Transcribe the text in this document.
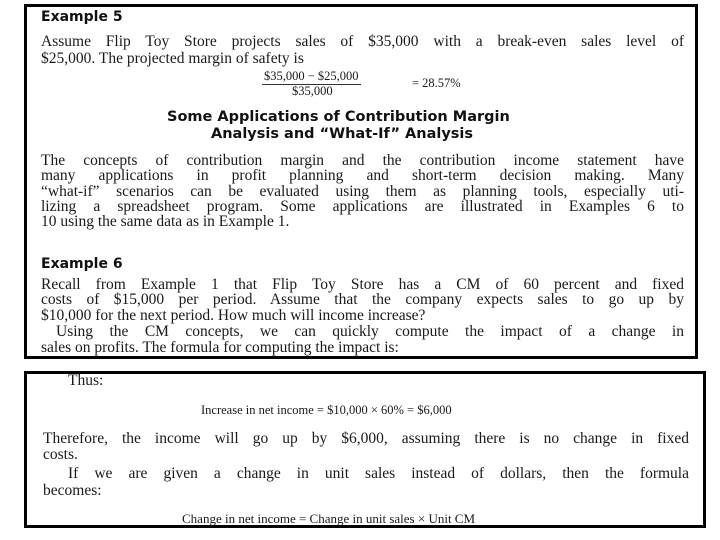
Example 5
Assume Flip Toy Store projects sales of $35,000 with a break-even sales level of
$25,000. The projected margin of safety is
$35,000 − $25,000
$35,000
= 28.57%
Some Applications of Contribution Margin
Analysis and “What-If” Analysis
The concepts of contribution margin and the contribution income statement have
many applications in profit planning and short-term decision making. Many
“what-if” scenarios can be evaluated using them as planning tools, especially uti-
lizing a spreadsheet program. Some applications are illustrated in Examples 6 to
10 using the same data as in Example 1.
Example 6
Recall from Example 1 that Flip Toy Store has a CM of 60 percent and fixed
costs of $15,000 per period. Assume that the company expects sales to go up by
$10,000 for the next period. How much will income increase?
Using the CM concepts, we can quickly compute the impact of a change in
sales on profits. The formula for computing the impact is:
Thus:
Increase in net income = $10,000 × 60% = $6,000
Therefore, the income will go up by $6,000, assuming there is no change in fixed
costs.
If we are given a change in unit sales instead of dollars, then the formula
becomes:
Change in net income = Change in unit sales × Unit CM
